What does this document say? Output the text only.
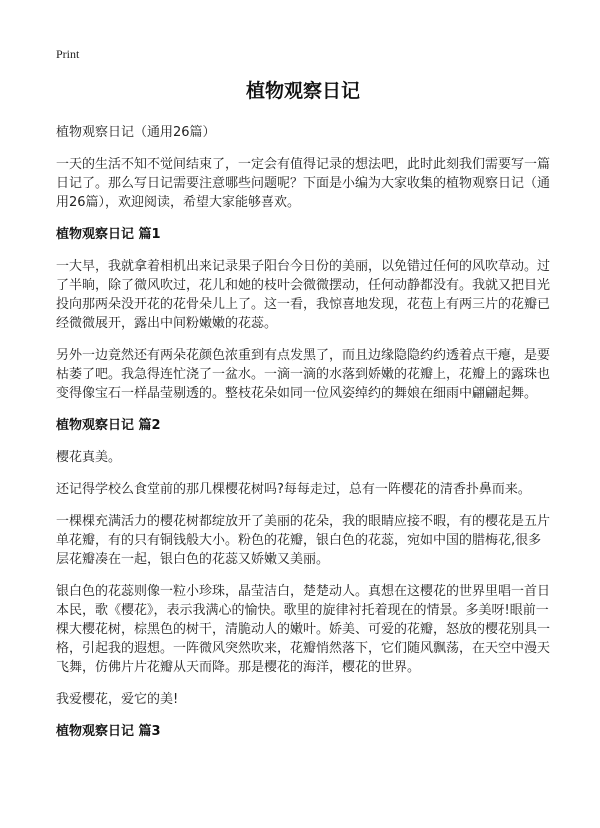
Print
植物观察日记

植物观察日记（通用26篇）

一天的生活不知不觉间结束了，一定会有值得记录的想法吧，此时此刻我们需要写一篇日记了。那么写日记需要注意哪些问题呢？下面是小编为大家收集的植物观察日记（通用26篇），欢迎阅读，希望大家能够喜欢。

植物观察日记 篇1

一大早，我就拿着相机出来记录果子阳台今日份的美丽，以免错过任何的风吹草动。过了半晌，除了微风吹过，花儿和她的枝叶会微微摆动，任何动静都没有。我就又把目光投向那两朵没开花的花骨朵儿上了。这一看，我惊喜地发现，花苞上有两三片的花瓣已经微微展开，露出中间粉嫩嫩的花蕊。

另外一边竟然还有两朵花颜色浓重到有点发黑了，而且边缘隐隐约约透着点干瘪，是要枯萎了吧。我急得连忙浇了一盆水。一滴一滴的水落到娇嫩的花瓣上，花瓣上的露珠也变得像宝石一样晶莹剔透的。整枝花朵如同一位风姿绰约的舞娘在细雨中翩翩起舞。

植物观察日记 篇2

樱花真美。

还记得学校么食堂前的那几棵樱花树吗?每每走过，总有一阵樱花的清香扑鼻而来。

一棵棵充满活力的樱花树都绽放开了美丽的花朵，我的眼睛应接不暇，有的樱花是五片单花瓣，有的只有铜钱般大小。粉色的花瓣，银白色的花蕊，宛如中国的腊梅花,很多层花瓣凑在一起，银白色的花蕊又娇嫩又美丽。

银白色的花蕊则像一粒小珍珠，晶莹洁白，楚楚动人。真想在这樱花的世界里唱一首日本民，歌《樱花》，表示我满心的愉快。歌里的旋律衬托着现在的情景。多美呀!眼前一棵大樱花树，棕黑色的树干，清脆动人的嫩叶。娇美、可爱的花瓣，怒放的樱花别具一格，引起我的遐想。一阵微风突然吹来，花瓣悄然落下，它们随风飘荡，在天空中漫天飞舞，仿佛片片花瓣从天而降。那是樱花的海洋，樱花的世界。

我爱樱花，爱它的美!

植物观察日记 篇3
